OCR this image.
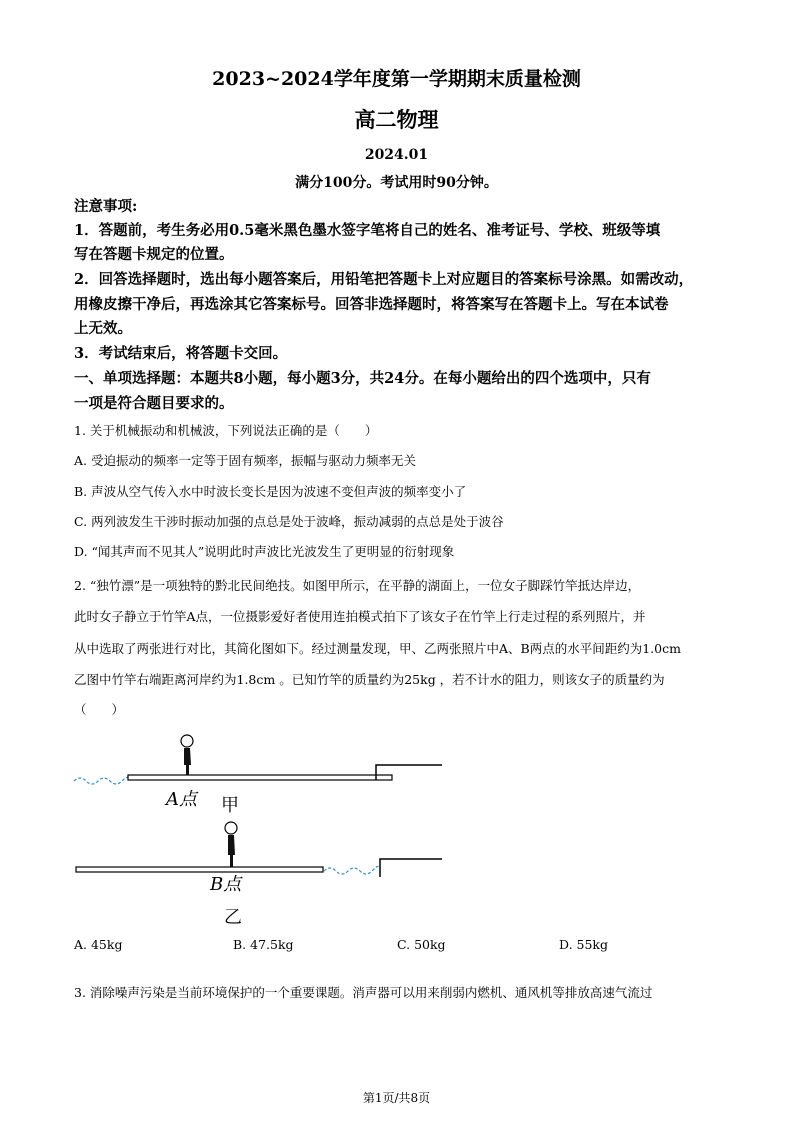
2023~2024学年度第一学期期末质量检测
高二物理
2024.01
满分100分。考试用时90分钟。
注意事项:
1．答题前，考生务必用0.5毫米黑色墨水签字笔将自己的姓名、准考证号、学校、班级等填
写在答题卡规定的位置。
2．回答选择题时，选出每小题答案后，用铅笔把答题卡上对应题目的答案标号涂黑。如需改动，
用橡皮擦干净后，再选涂其它答案标号。回答非选择题时，将答案写在答题卡上。写在本试卷
上无效。
3．考试结束后，将答题卡交回。
一、单项选择题：本题共8小题，每小题3分，共24分。在每小题给出的四个选项中，只有
一项是符合题目要求的。
1. 关于机械振动和机械波，下列说法正确的是（　　）
A. 受迫振动的频率一定等于固有频率，振幅与驱动力频率无关
B. 声波从空气传入水中时波长变长是因为波速不变但声波的频率变小了
C. 两列波发生干涉时振动加强的点总是处于波峰，振动减弱的点总是处于波谷
D. “闻其声而不见其人”说明此时声波比光波发生了更明显的衍射现象
2. “独竹漂”是一项独特的黔北民间绝技。如图甲所示，在平静的湖面上，一位女子脚踩竹竿抵达岸边，
此时女子静立于竹竿A点，一位摄影爱好者使用连拍模式拍下了该女子在竹竿上行走过程的系列照片，并
从中选取了两张进行对比，其简化图如下。经过测量发现，甲、乙两张照片中A、B两点的水平间距约为1.0cm
乙图中竹竿右端距离河岸约为1.8cm 。已知竹竿的质量约为25kg ，若不计水的阻力，则该女子的质量约为
（　　）
A点 甲
B点
乙
A. 45kg	B. 47.5kg	C. 50kg	D. 55kg
3. 消除噪声污染是当前环境保护的一个重要课题。消声器可以用来削弱内燃机、通风机等排放高速气流过
第1页/共8页
